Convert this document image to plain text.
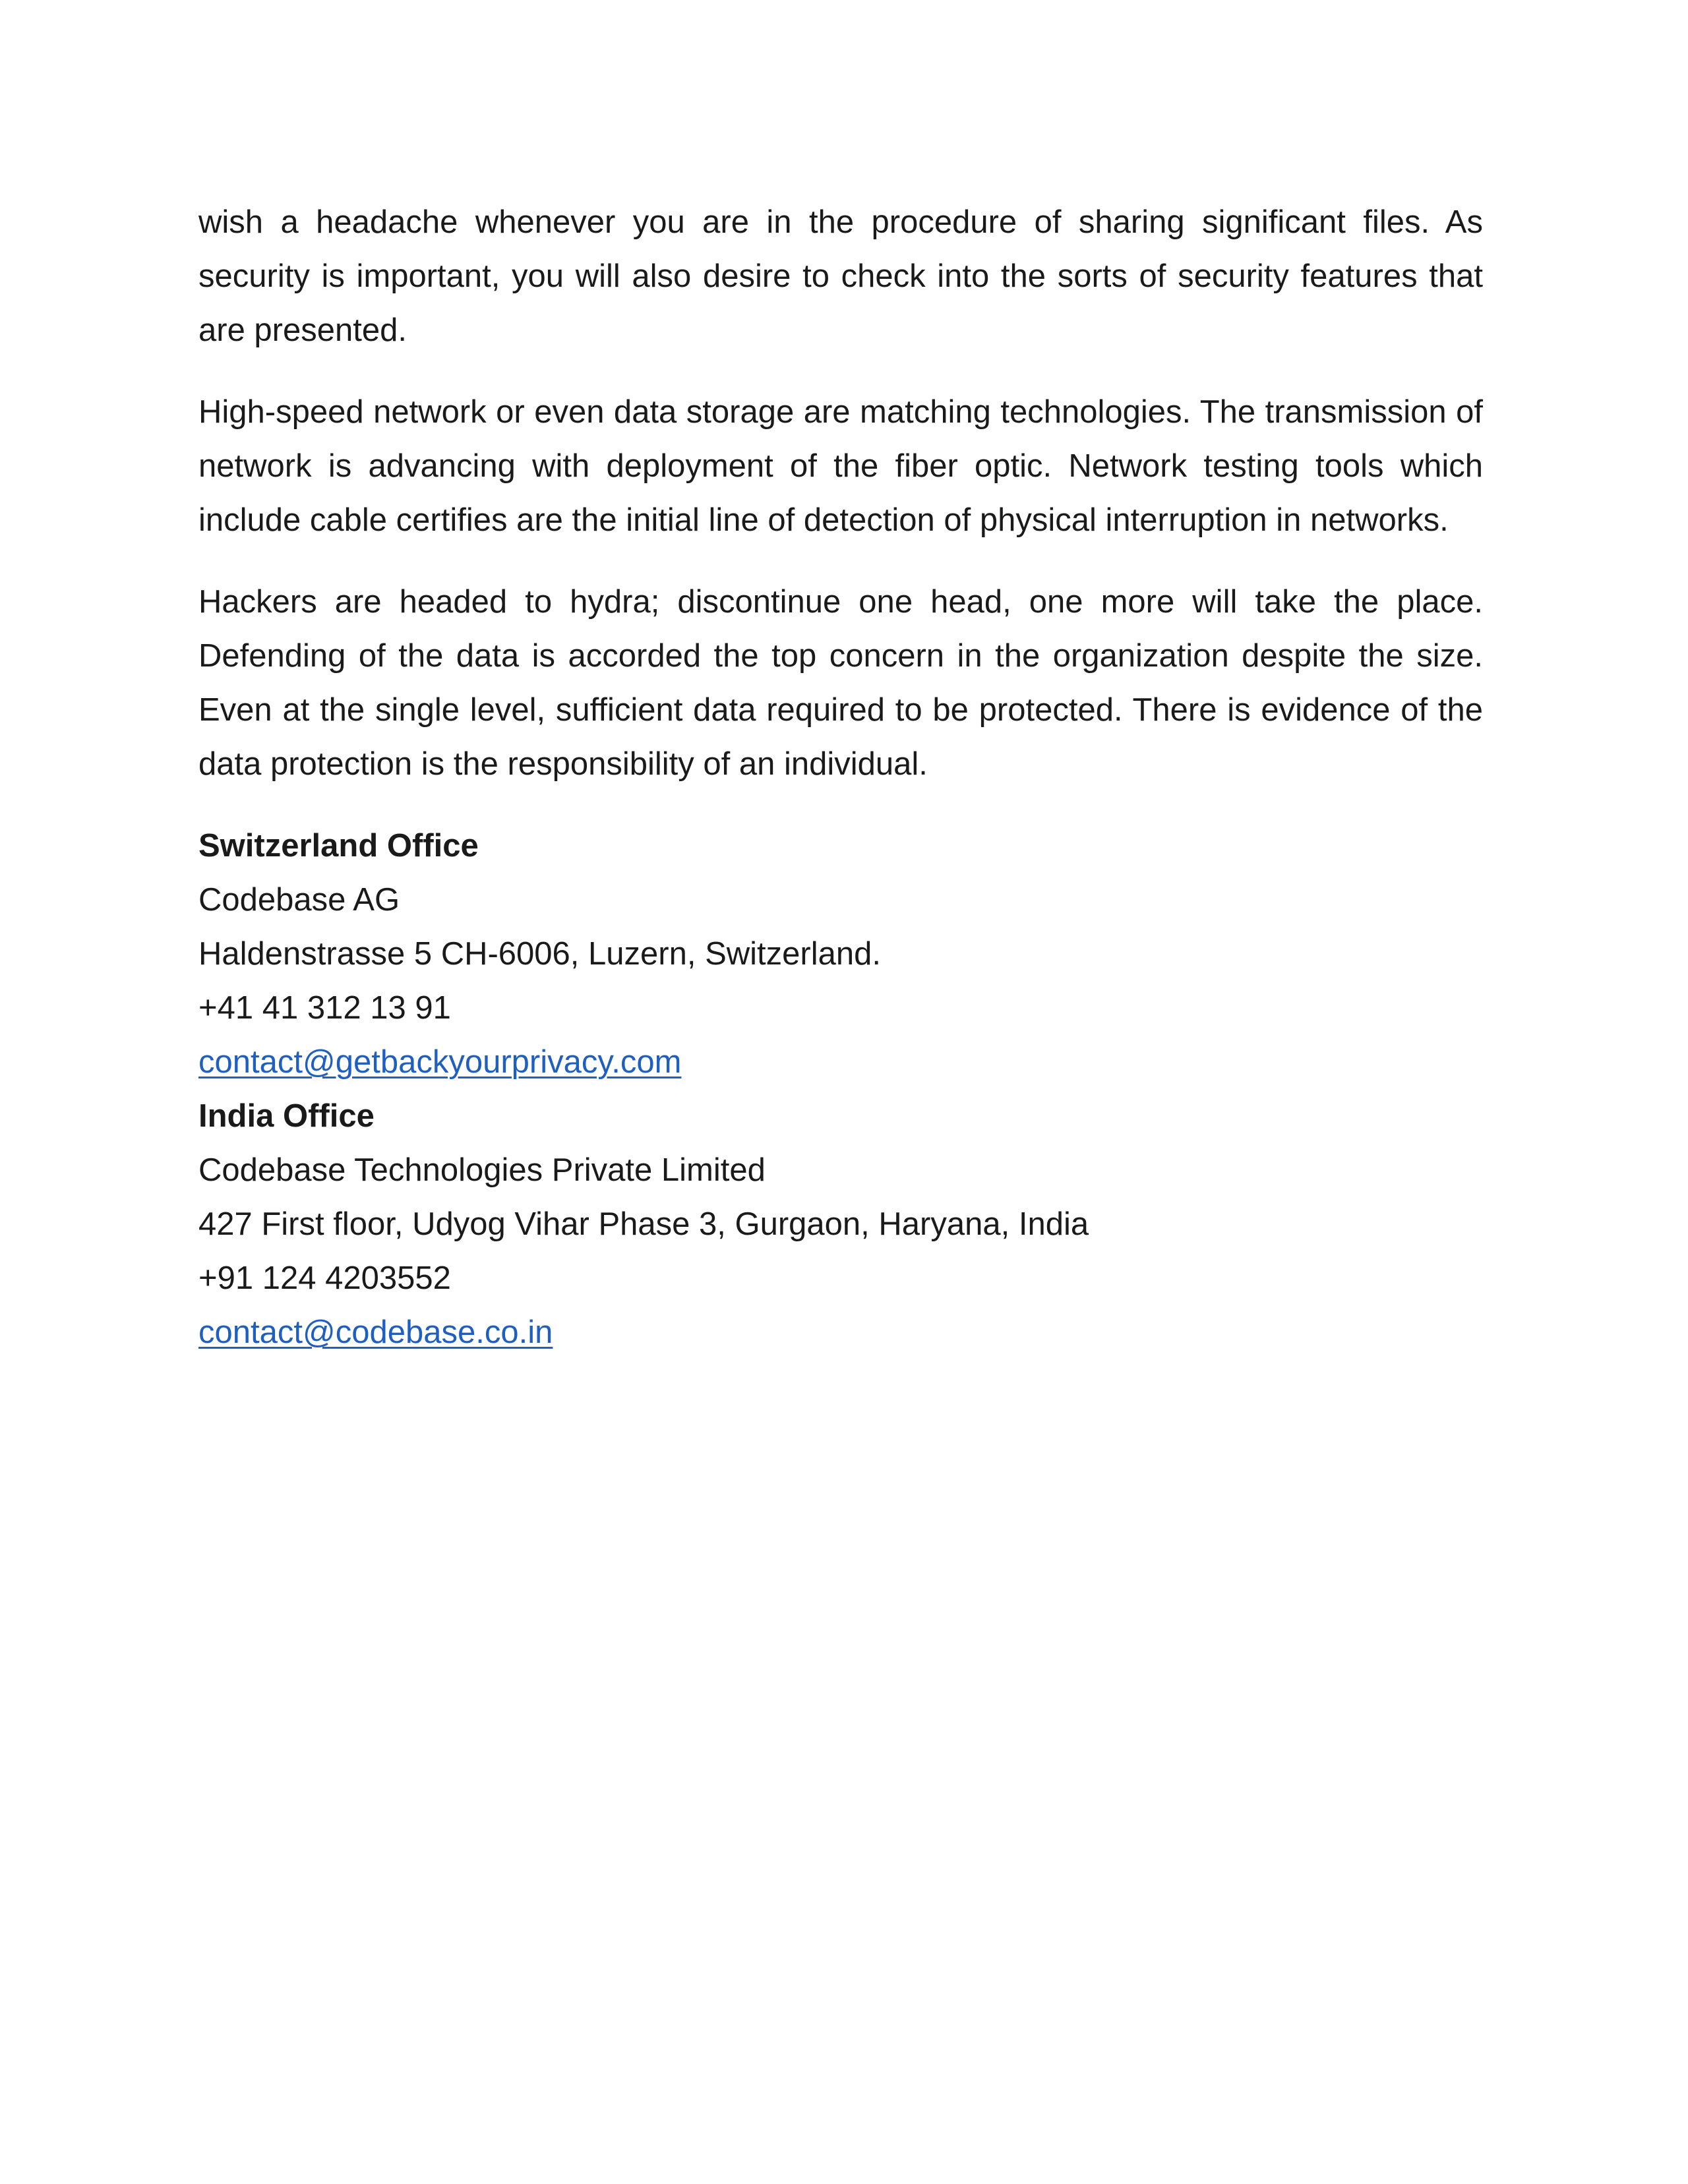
wish a headache whenever you are in the procedure of sharing significant files. As security is important, you will also desire to check into the sorts of security features that are presented.

High-speed network or even data storage are matching technologies. The transmission of network is advancing with deployment of the fiber optic. Network testing tools which include cable certifies are the initial line of detection of physical interruption in networks.

Hackers are headed to hydra; discontinue one head, one more will take the place. Defending of the data is accorded the top concern in the organization despite the size. Even at the single level, sufficient data required to be protected. There is evidence of the data protection is the responsibility of an individual.

Switzerland Office

Codebase AG

Haldenstrasse 5 CH-6006, Luzern, Switzerland.

+41 41 312 13 91

contact@getbackyourprivacy.com

India Office

Codebase Technologies Private Limited

427 First floor, Udyog Vihar Phase 3, Gurgaon, Haryana, India

+91 124 4203552

contact@codebase.co.in
